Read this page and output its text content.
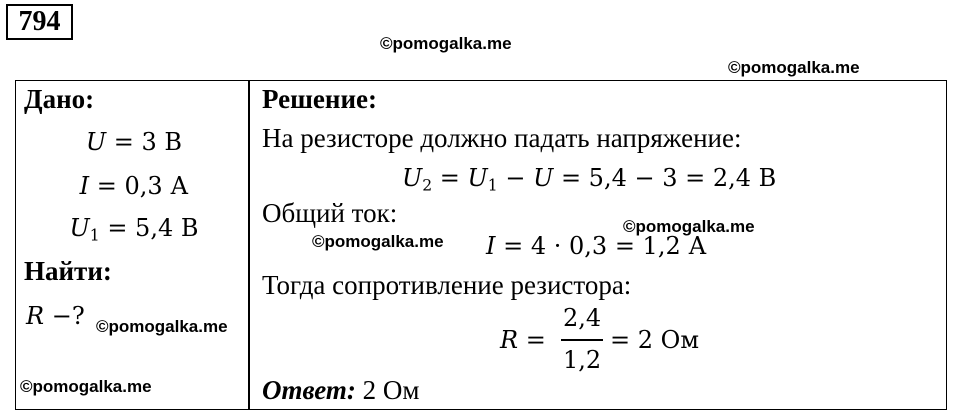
794
©pomogalka.me
©pomogalka.me
©pomogalka.me
©pomogalka.me
©pomogalka.me
©pomogalka.me
Дано:
U = 3 В
I = 0,3 А
$U_1 = 5,4$ В
Найти:
R −?
Решение:
На резисторе должно падать напряжение:
$U_2 = U_1 - U = 5,4 - 3 = 2,4$ В
Общий ток:
I = 4 · 0,3 = 1,2 А
Тогда сопротивление резистора:
R =
2,4
1,2
= 2 Ом
Ответ: 2 Ом
